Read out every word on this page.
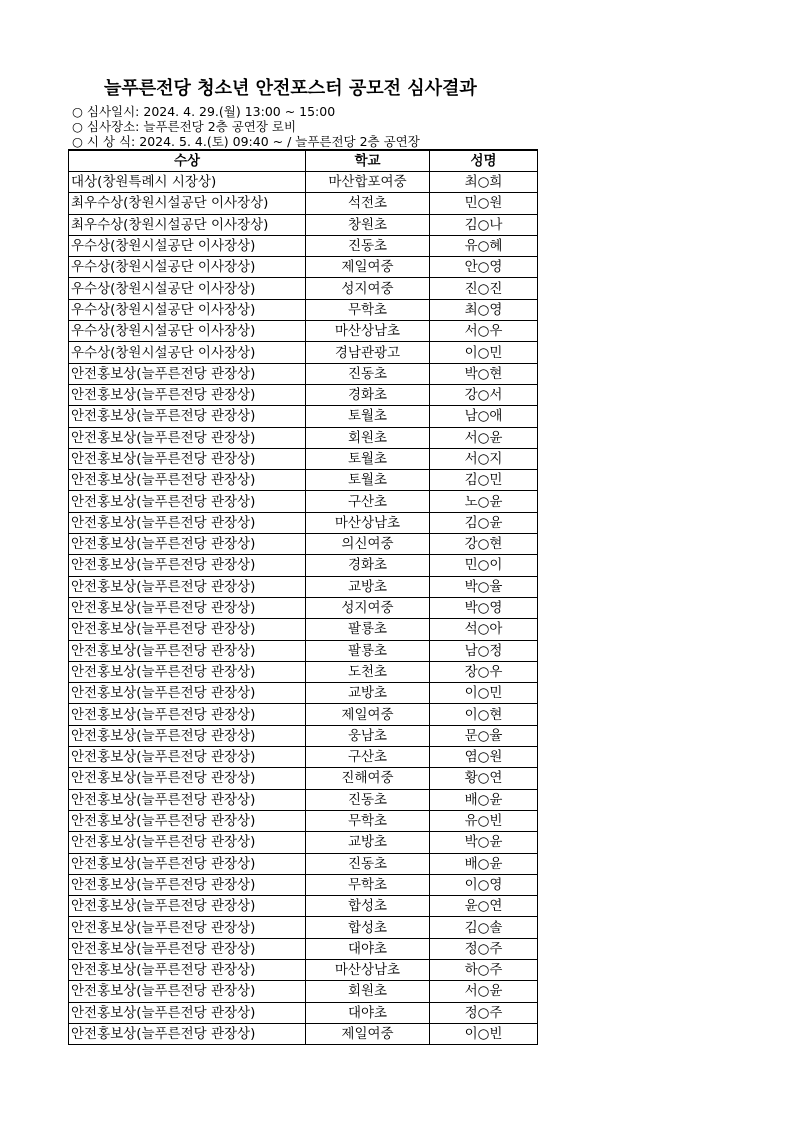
늘푸른전당 청소년 안전포스터 공모전 심사결과
○ 심사일시: 2024. 4. 29.(월) 13:00 ~ 15:00
○ 심사장소: 늘푸른전당 2층 공연장 로비
○ 시 상 식: 2024. 5. 4.(토) 09:40 ~ / 늘푸른전당 2층 공연장
수상	학교	성명
대상(창원특례시 시장상)	마산합포여중	최○희
최우수상(창원시설공단 이사장상)	석전초	민○원
최우수상(창원시설공단 이사장상)	창원초	김○나
우수상(창원시설공단 이사장상)	진동초	유○혜
우수상(창원시설공단 이사장상)	제일여중	안○영
우수상(창원시설공단 이사장상)	성지여중	진○진
우수상(창원시설공단 이사장상)	무학초	최○영
우수상(창원시설공단 이사장상)	마산상남초	서○우
우수상(창원시설공단 이사장상)	경남관광고	이○민
안전홍보상(늘푸른전당 관장상)	진동초	박○현
안전홍보상(늘푸른전당 관장상)	경화초	강○서
안전홍보상(늘푸른전당 관장상)	토월초	남○애
안전홍보상(늘푸른전당 관장상)	회원초	서○윤
안전홍보상(늘푸른전당 관장상)	토월초	서○지
안전홍보상(늘푸른전당 관장상)	토월초	김○민
안전홍보상(늘푸른전당 관장상)	구산초	노○윤
안전홍보상(늘푸른전당 관장상)	마산상남초	김○윤
안전홍보상(늘푸른전당 관장상)	의신여중	강○현
안전홍보상(늘푸른전당 관장상)	경화초	민○이
안전홍보상(늘푸른전당 관장상)	교방초	박○율
안전홍보상(늘푸른전당 관장상)	성지여중	박○영
안전홍보상(늘푸른전당 관장상)	팔룡초	석○아
안전홍보상(늘푸른전당 관장상)	팔룡초	남○정
안전홍보상(늘푸른전당 관장상)	도천초	장○우
안전홍보상(늘푸른전당 관장상)	교방초	이○민
안전홍보상(늘푸른전당 관장상)	제일여중	이○현
안전홍보상(늘푸른전당 관장상)	웅남초	문○율
안전홍보상(늘푸른전당 관장상)	구산초	염○원
안전홍보상(늘푸른전당 관장상)	진해여중	황○연
안전홍보상(늘푸른전당 관장상)	진동초	배○윤
안전홍보상(늘푸른전당 관장상)	무학초	유○빈
안전홍보상(늘푸른전당 관장상)	교방초	박○윤
안전홍보상(늘푸른전당 관장상)	진동초	배○윤
안전홍보상(늘푸른전당 관장상)	무학초	이○영
안전홍보상(늘푸른전당 관장상)	합성초	윤○연
안전홍보상(늘푸른전당 관장상)	합성초	김○솔
안전홍보상(늘푸른전당 관장상)	대야초	정○주
안전홍보상(늘푸른전당 관장상)	마산상남초	하○주
안전홍보상(늘푸른전당 관장상)	회원초	서○윤
안전홍보상(늘푸른전당 관장상)	대야초	정○주
안전홍보상(늘푸른전당 관장상)	제일여중	이○빈
